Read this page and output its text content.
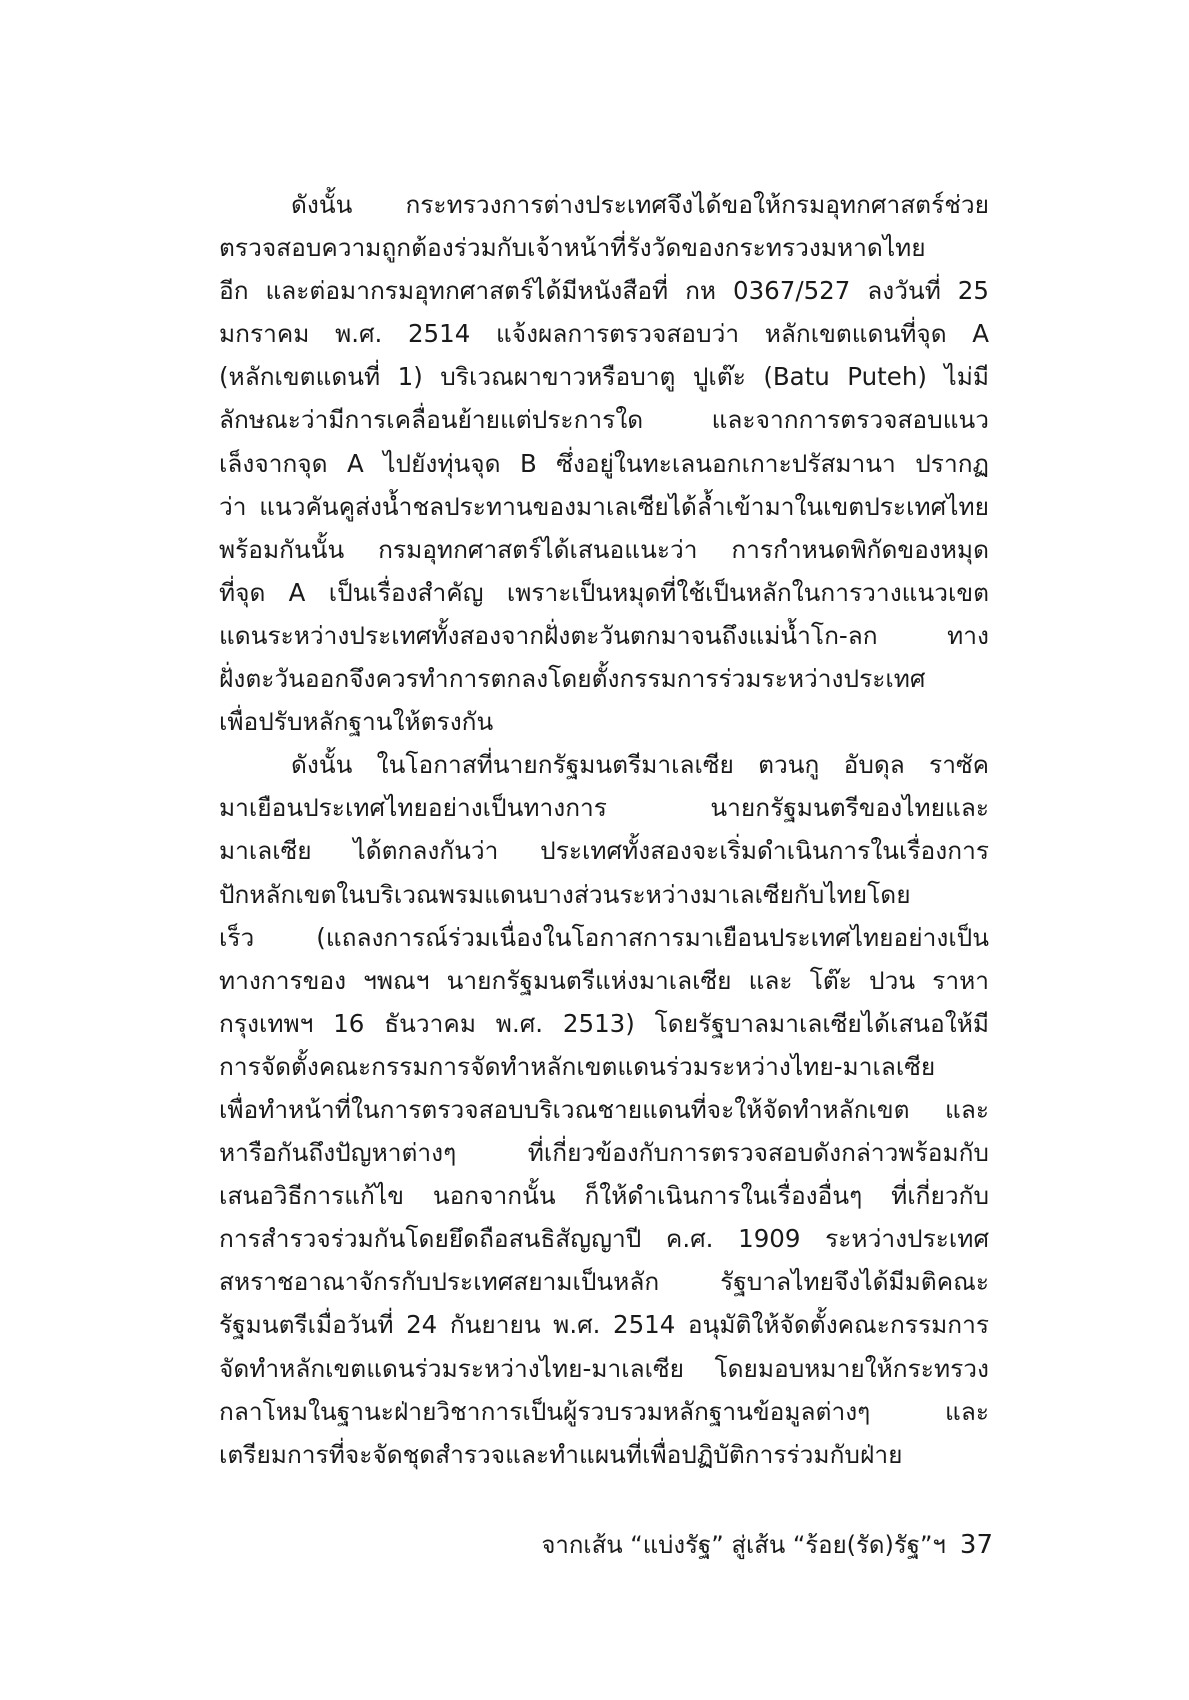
ดังนั้น กระทรวงการต่างประเทศจึงได้ขอให้กรมอุทกศาสตร์ช่วย
ตรวจสอบความถูกต้องร่วมกับเจ้าหน้าที่รังวัดของกระทรวงมหาดไทย
อีก และต่อมากรมอุทกศาสตร์ได้มีหนังสือที่ กห 0367/527 ลงวันที่ 25
มกราคม พ.ศ. 2514 แจ้งผลการตรวจสอบว่า หลักเขตแดนที่จุด A
(หลักเขตแดนที่ 1) บริเวณผาขาวหรือบาตู ปูเต๊ะ (Batu Puteh) ไม่มี
ลักษณะว่ามีการเคลื่อนย้ายแต่ประการใด และจากการตรวจสอบแนว
เล็งจากจุด A ไปยังทุ่นจุด B ซึ่งอยู่ในทะเลนอกเกาะปรัสมานา ปรากฏ
ว่า แนวคันคูส่งน้ำชลประทานของมาเลเซียได้ล้ำเข้ามาในเขตประเทศไทย
พร้อมกันนั้น กรมอุทกศาสตร์ได้เสนอแนะว่า การกำหนดพิกัดของหมุด
ที่จุด A เป็นเรื่องสำคัญ เพราะเป็นหมุดที่ใช้เป็นหลักในการวางแนวเขต
แดนระหว่างประเทศทั้งสองจากฝั่งตะวันตกมาจนถึงแม่น้ำโก-ลก ทาง
ฝั่งตะวันออกจึงควรทำการตกลงโดยตั้งกรรมการร่วมระหว่างประเทศ
เพื่อปรับหลักฐานให้ตรงกัน
ดังนั้น ในโอกาสที่นายกรัฐมนตรีมาเลเซีย ตวนกู อับดุล ราซัค
มาเยือนประเทศไทยอย่างเป็นทางการ นายกรัฐมนตรีของไทยและ
มาเลเซีย ได้ตกลงกันว่า ประเทศทั้งสองจะเริ่มดำเนินการในเรื่องการ
ปักหลักเขตในบริเวณพรมแดนบางส่วนระหว่างมาเลเซียกับไทยโดย
เร็ว (แถลงการณ์ร่วมเนื่องในโอกาสการมาเยือนประเทศไทยอย่างเป็น
ทางการของ ฯพณฯ นายกรัฐมนตรีแห่งมาเลเซีย และ โต๊ะ ปวน ราหา
กรุงเทพฯ 16 ธันวาคม พ.ศ. 2513) โดยรัฐบาลมาเลเซียได้เสนอให้มี
การจัดตั้งคณะกรรมการจัดทำหลักเขตแดนร่วมระหว่างไทย-มาเลเซีย
เพื่อทำหน้าที่ในการตรวจสอบบริเวณชายแดนที่จะให้จัดทำหลักเขต และ
หารือกันถึงปัญหาต่างๆ ที่เกี่ยวข้องกับการตรวจสอบดังกล่าวพร้อมกับ
เสนอวิธีการแก้ไข นอกจากนั้น ก็ให้ดำเนินการในเรื่องอื่นๆ ที่เกี่ยวกับ
การสำรวจร่วมกันโดยยึดถือสนธิสัญญาปี ค.ศ. 1909 ระหว่างประเทศ
สหราชอาณาจักรกับประเทศสยามเป็นหลัก รัฐบาลไทยจึงได้มีมติคณะ
รัฐมนตรีเมื่อวันที่ 24 กันยายน พ.ศ. 2514 อนุมัติให้จัดตั้งคณะกรรมการ
จัดทำหลักเขตแดนร่วมระหว่างไทย-มาเลเซีย โดยมอบหมายให้กระทรวง
กลาโหมในฐานะฝ่ายวิชาการเป็นผู้รวบรวมหลักฐานข้อมูลต่างๆ และ
เตรียมการที่จะจัดชุดสำรวจและทำแผนที่เพื่อปฏิบัติการร่วมกับฝ่าย
จากเส้น “แบ่งรัฐ” สู่เส้น “ร้อย(รัด)รัฐ”ฯ 37
